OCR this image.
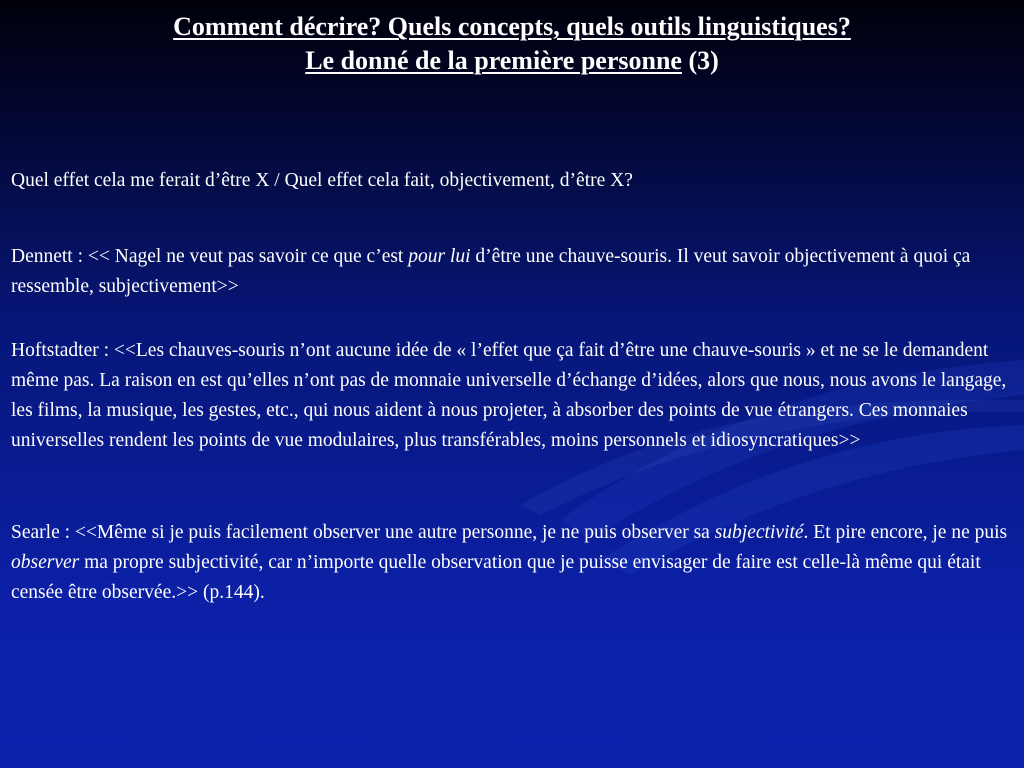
Comment décrire? Quels concepts, quels outils linguistiques?
Le donné de la première personne (3)
Quel effet cela me ferait d’être X / Quel effet cela fait, objectivement, d’être X?
Dennett : << Nagel ne veut pas savoir ce que c’est pour lui d’être une chauve-souris. Il veut savoir objectivement à quoi ça ressemble, subjectivement>>
Hoftstadter : <<Les chauves-souris n’ont aucune idée de « l’effet que ça fait d’être une chauve-souris » et ne se le demandent même pas. La raison en est qu’elles n’ont pas de monnaie universelle d’échange d’idées, alors que nous, nous avons le langage, les films, la musique, les gestes, etc., qui nous aident à nous projeter, à absorber des points de vue étrangers. Ces monnaies universelles rendent les points de vue modulaires, plus transférables, moins personnels et idiosyncratiques>>
Searle : <<Même si je puis facilement observer une autre personne, je ne puis observer sa subjectivité. Et pire encore, je ne puis observer ma propre subjectivité, car n’importe quelle observation que je puisse envisager de faire est celle-là même qui était censée être observée.>> (p.144).
